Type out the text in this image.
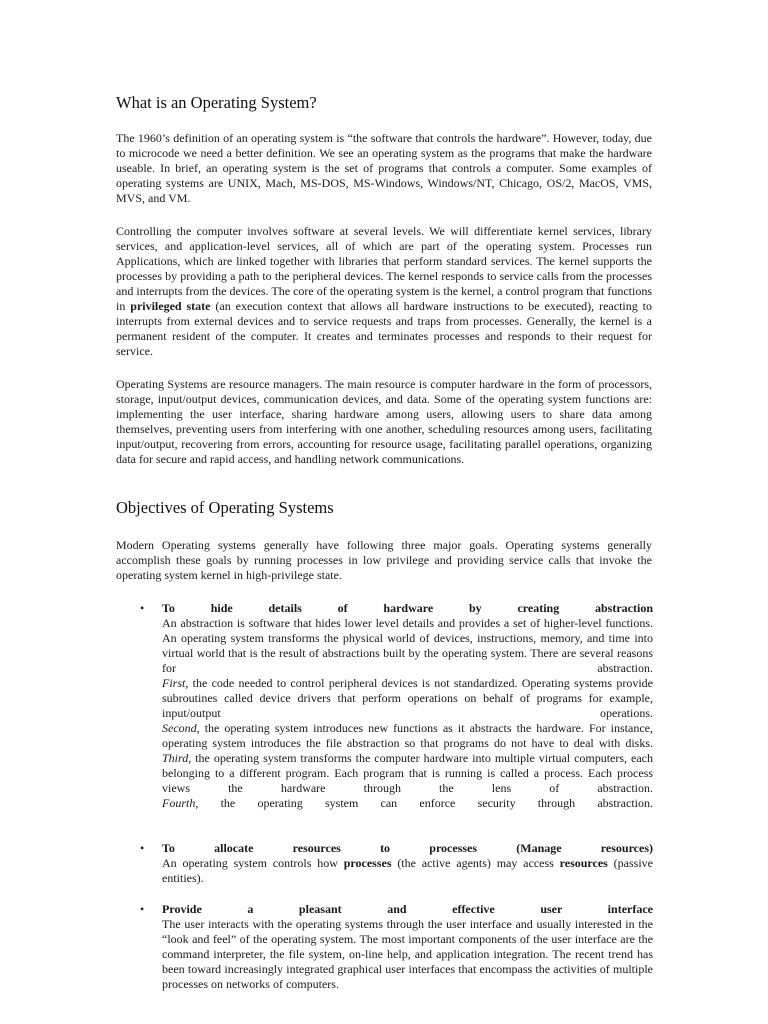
What is an Operating System?

The 1960’s definition of an operating system is “the software that controls the hardware”. However, today, due to microcode we need a better definition. We see an operating system as the programs that make the hardware useable. In brief, an operating system is the set of programs that controls a computer. Some examples of operating systems are UNIX, Mach, MS-DOS, MS-Windows, Windows/NT, Chicago, OS/2, MacOS, VMS, MVS, and VM.

Controlling the computer involves software at several levels. We will differentiate kernel services, library services, and application-level services, all of which are part of the operating system. Processes run Applications, which are linked together with libraries that perform standard services. The kernel supports the processes by providing a path to the peripheral devices. The kernel responds to service calls from the processes and interrupts from the devices. The core of the operating system is the kernel, a control program that functions in privileged state (an execution context that allows all hardware instructions to be executed), reacting to interrupts from external devices and to service requests and traps from processes. Generally, the kernel is a permanent resident of the computer. It creates and terminates processes and responds to their request for service.

Operating Systems are resource managers. The main resource is computer hardware in the form of processors, storage, input/output devices, communication devices, and data. Some of the operating system functions are: implementing the user interface, sharing hardware among users, allowing users to share data among themselves, preventing users from interfering with one another, scheduling resources among users, facilitating input/output, recovering from errors, accounting for resource usage, facilitating parallel operations, organizing data for secure and rapid access, and handling network communications.

Objectives of Operating Systems

Modern Operating systems generally have following three major goals. Operating systems generally accomplish these goals by running processes in low privilege and providing service calls that invoke the operating system kernel in high-privilege state.

• To hide details of hardware by creating abstraction
An abstraction is software that hides lower level details and provides a set of higher-level functions. An operating system transforms the physical world of devices, instructions, memory, and time into virtual world that is the result of abstractions built by the operating system. There are several reasons for abstraction.
First, the code needed to control peripheral devices is not standardized. Operating systems provide subroutines called device drivers that perform operations on behalf of programs for example, input/output operations.
Second, the operating system introduces new functions as it abstracts the hardware. For instance, operating system introduces the file abstraction so that programs do not have to deal with disks.
Third, the operating system transforms the computer hardware into multiple virtual computers, each belonging to a different program. Each program that is running is called a process. Each process views the hardware through the lens of abstraction.
Fourth, the operating system can enforce security through abstraction.
• To allocate resources to processes (Manage resources)
An operating system controls how processes (the active agents) may access resources (passive entities).
• Provide a pleasant and effective user interface
The user interacts with the operating systems through the user interface and usually interested in the “look and feel” of the operating system. The most important components of the user interface are the command interpreter, the file system, on-line help, and application integration. The recent trend has been toward increasingly integrated graphical user interfaces that encompass the activities of multiple processes on networks of computers.
